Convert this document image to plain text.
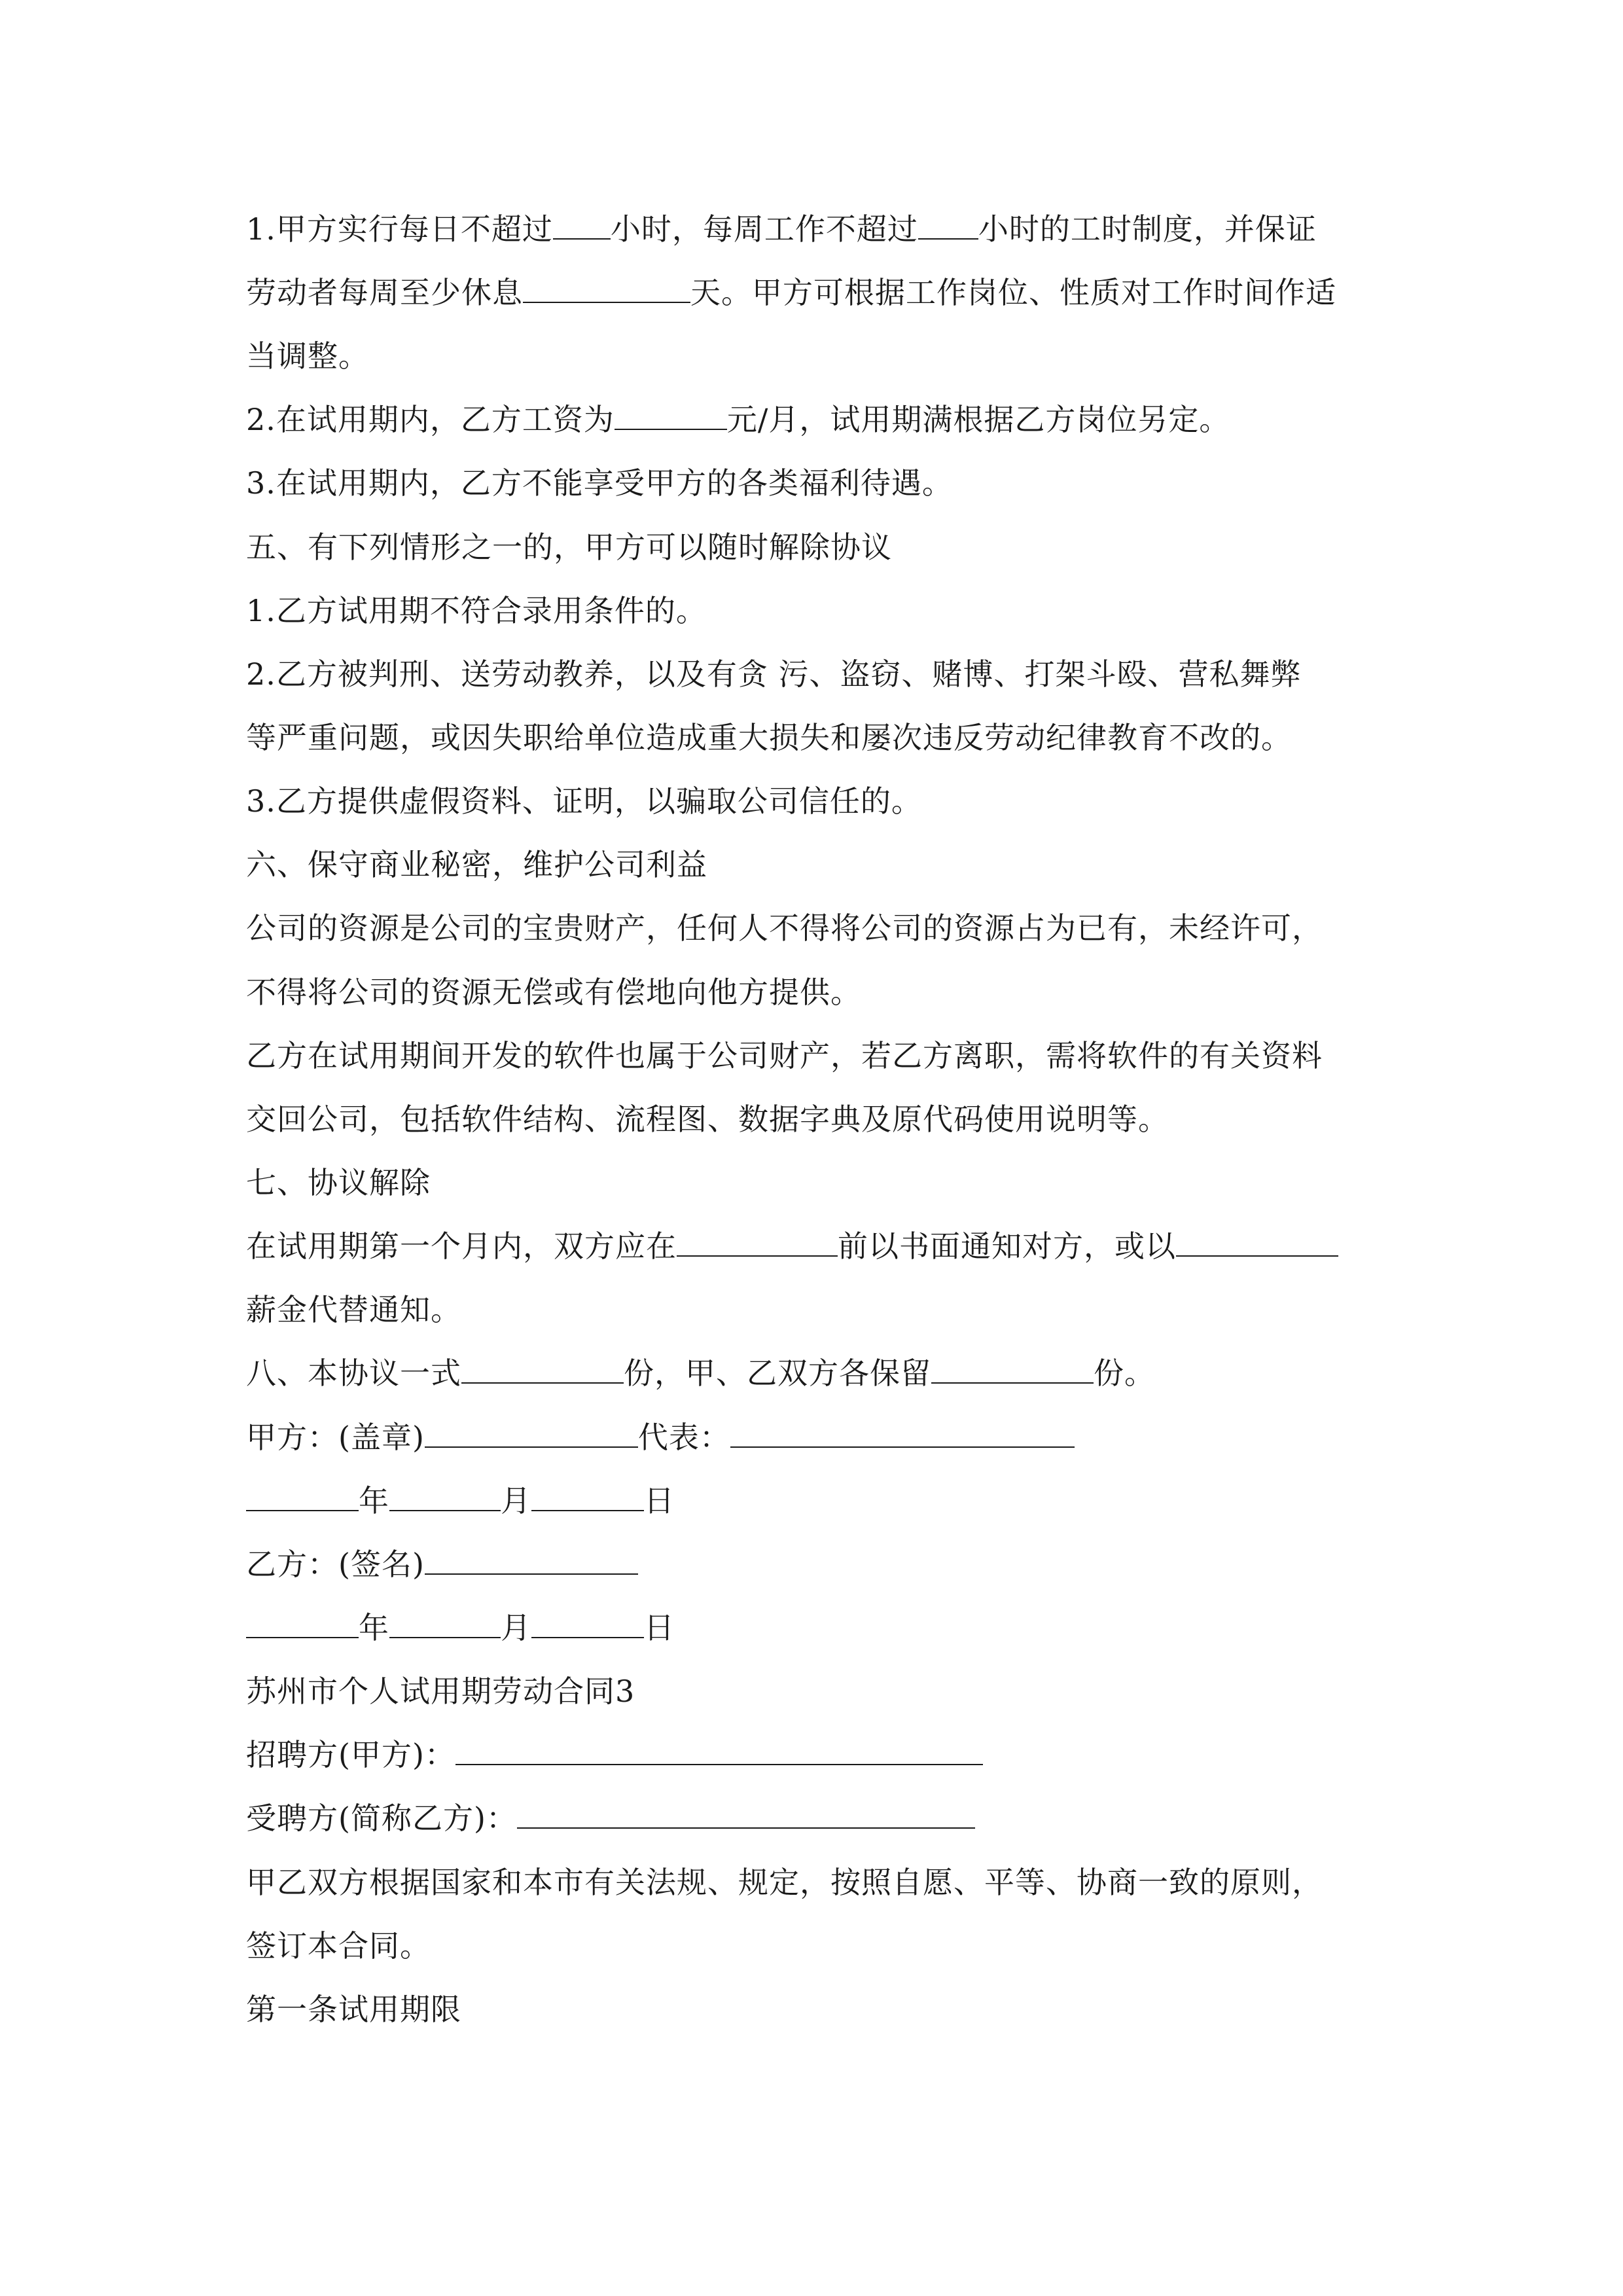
1.甲方实行每日不超过 小时，每周工作不超过 小时的工时制度，并保证
劳动者每周至少休息	天。甲方可根据工作岗位、性质对工作时间作适
当调整。
2.在试用期内，乙方工资为	元/月，试用期满根据乙方岗位另定。
3.在试用期内，乙方不能享受甲方的各类福利待遇。
五、有下列情形之一的，甲方可以随时解除协议
1.乙方试用期不符合录用条件的。
2.乙方被判刑、送劳动教养，以及有贪 污、盗窃、赌博、打架斗殴、营私舞弊
等严重问题，或因失职给单位造成重大损失和屡次违反劳动纪律教育不改的。
3.乙方提供虚假资料、证明，以骗取公司信任的。
六、保守商业秘密，维护公司利益
公司的资源是公司的宝贵财产，任何人不得将公司的资源占为已有，未经许可，
不得将公司的资源无偿或有偿地向他方提供。
乙方在试用期间开发的软件也属于公司财产，若乙方离职，需将软件的有关资料
交回公司，包括软件结构、流程图、数据字典及原代码使用说明等。
七、协议解除
在试用期第一个月内，双方应在	前以书面通知对方，或以
薪金代替通知。
八、本协议一式	份，甲、乙双方各保留	份。
甲方：(盖章)	代表：
年	月	日
乙方：(签名)
年	月	日
苏州市个人试用期劳动合同3
招聘方(甲方)：
受聘方(简称乙方)：
甲乙双方根据国家和本市有关法规、规定，按照自愿、平等、协商一致的原则，
签订本合同。
第一条试用期限
